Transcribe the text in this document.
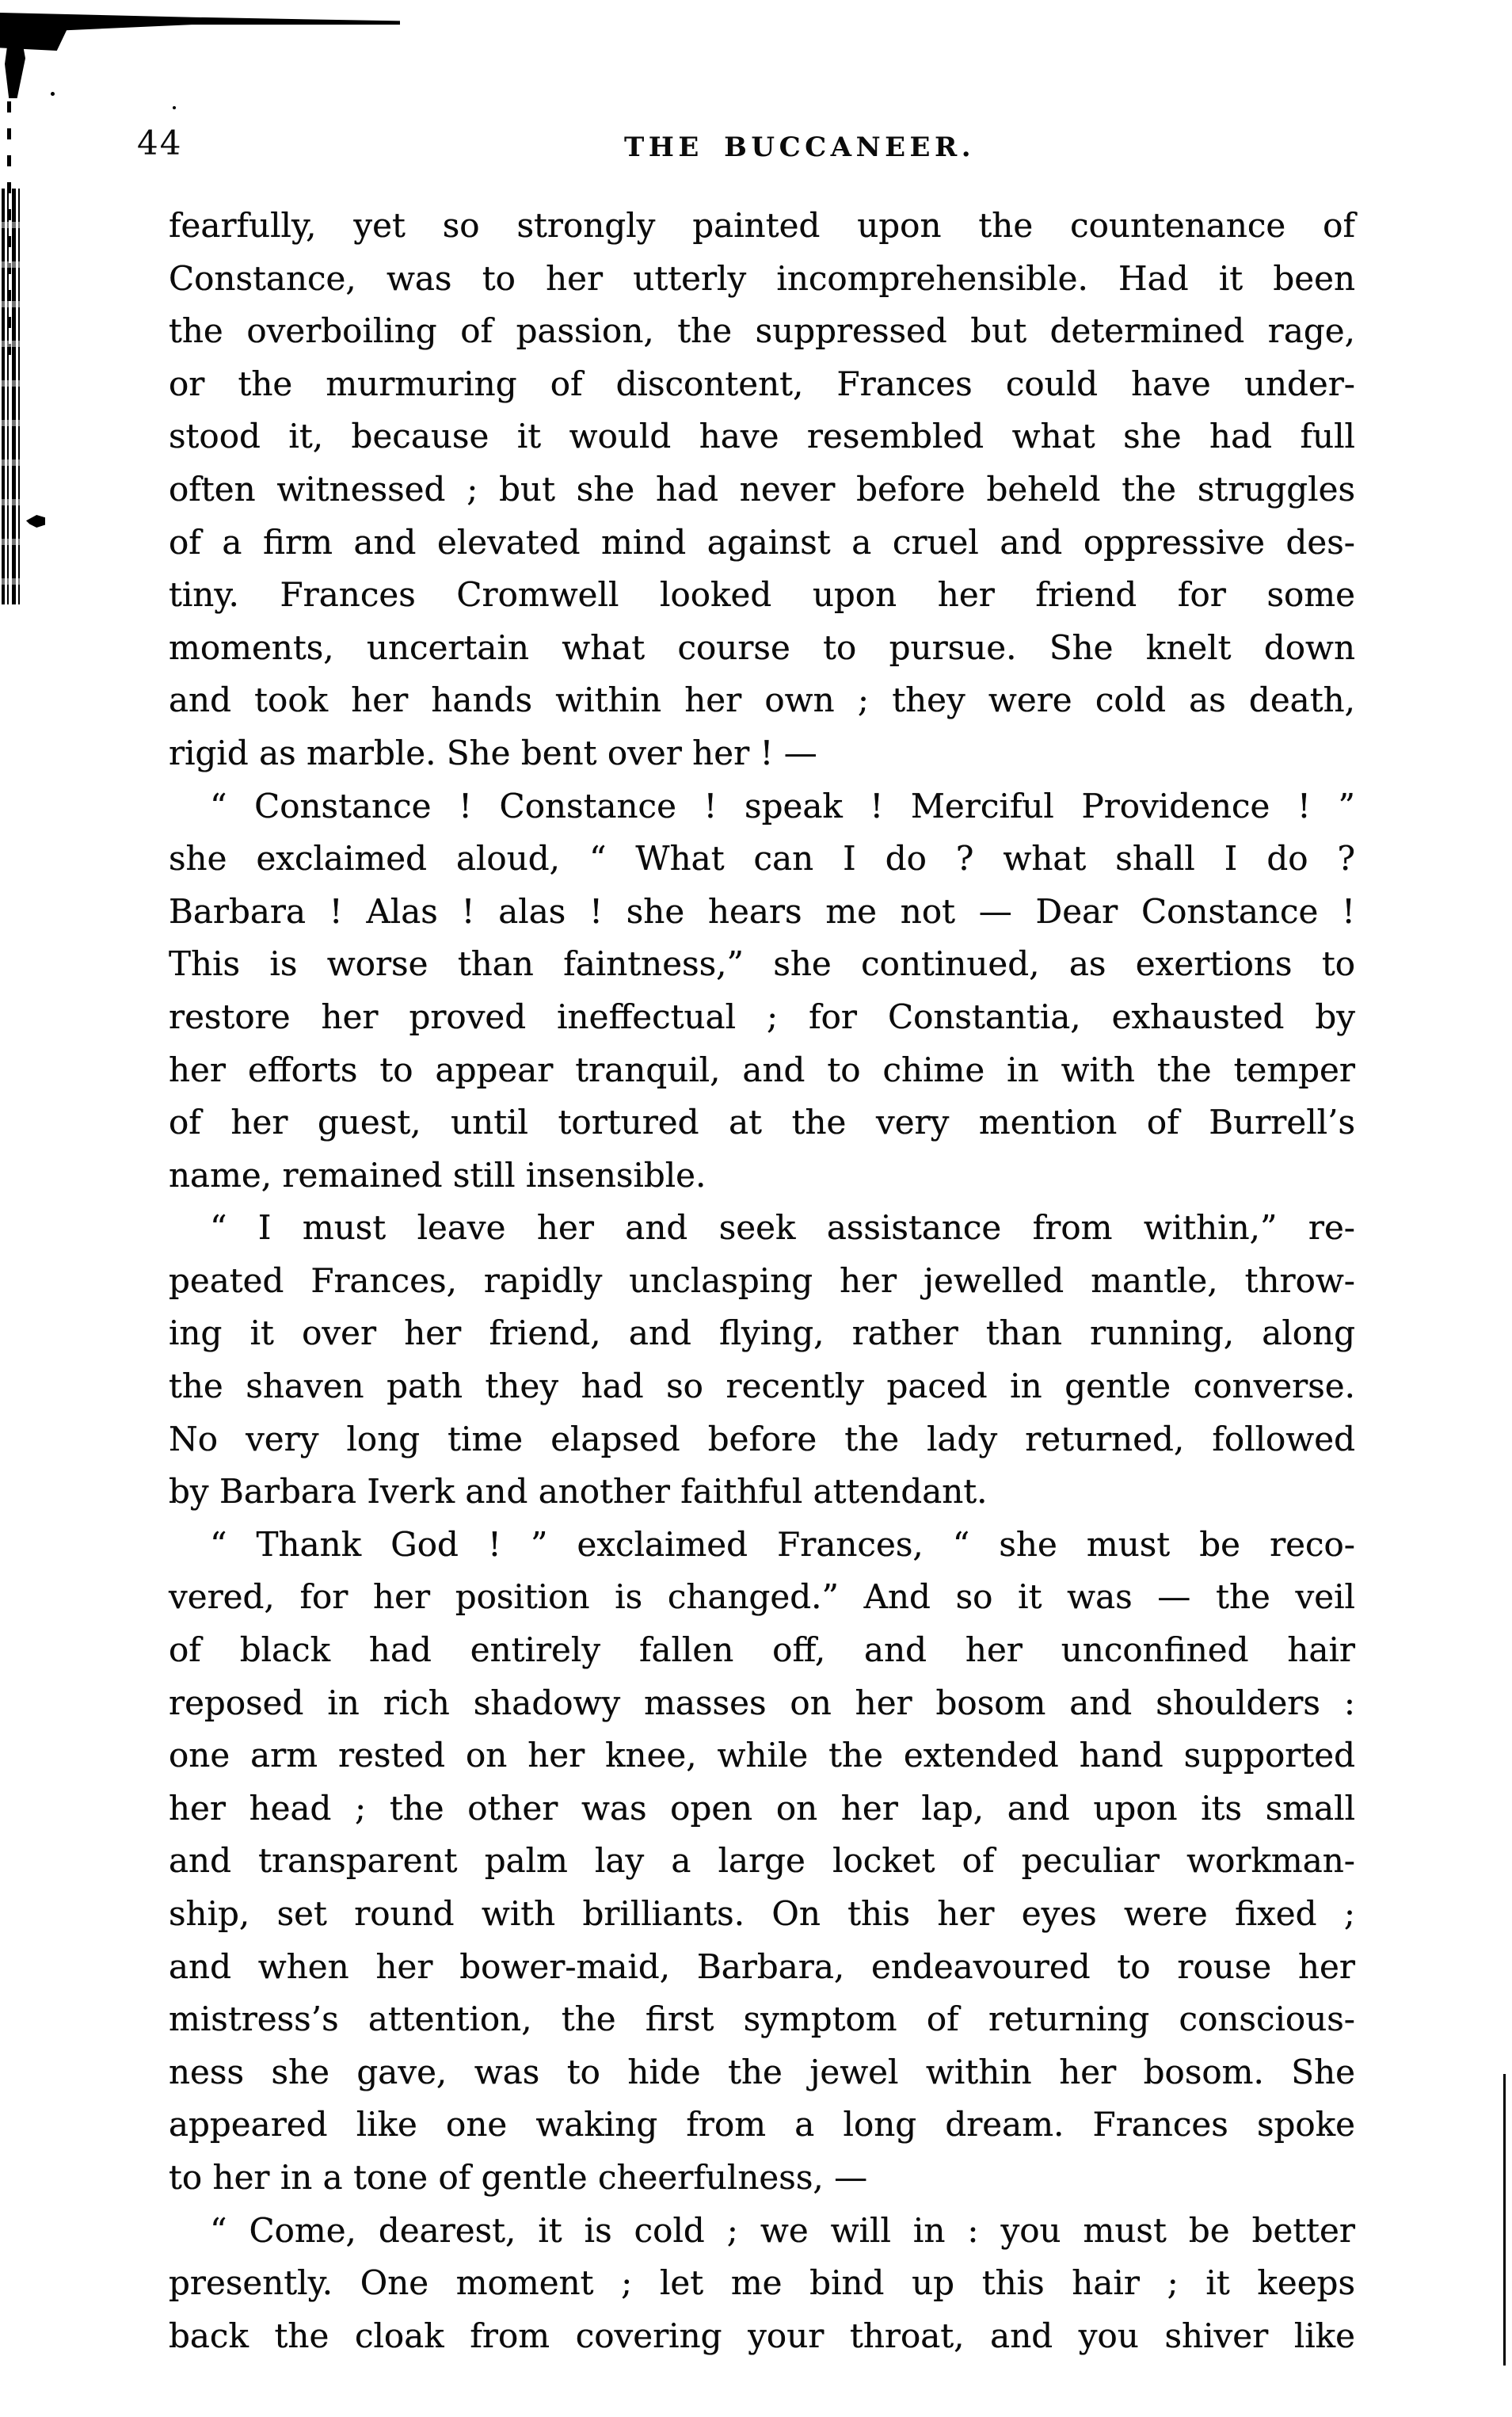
44	THE BUCCANEER.
fearfully, yet so strongly painted upon the countenance of
Constance, was to her utterly incomprehensible. Had it been
the overboiling of passion, the suppressed but determined rage,
or the murmuring of discontent, Frances could have under-
stood it, because it would have resembled what she had full
often witnessed ; but she had never before beheld the struggles
of a firm and elevated mind against a cruel and oppressive des-
tiny. Frances Cromwell looked upon her friend for some
moments, uncertain what course to pursue. She knelt down
and took her hands within her own ; they were cold as death,
rigid as marble. She bent over her ! —
“ Constance ! Constance ! speak ! Merciful Providence ! ”
she exclaimed aloud, “ What can I do ? what shall I do ?
Barbara ! Alas ! alas ! she hears me not — Dear Constance !
This is worse than faintness,” she continued, as exertions to
restore her proved ineffectual ; for Constantia, exhausted by
her efforts to appear tranquil, and to chime in with the temper
of her guest, until tortured at the very mention of Burrell’s
name, remained still insensible.
“ I must leave her and seek assistance from within,” re-
peated Frances, rapidly unclasping her jewelled mantle, throw-
ing it over her friend, and flying, rather than running, along
the shaven path they had so recently paced in gentle converse.
No very long time elapsed before the lady returned, followed
by Barbara Iverk and another faithful attendant.
“ Thank God ! ” exclaimed Frances, “ she must be reco-
vered, for her position is changed.” And so it was — the veil
of black had entirely fallen off, and her unconfined hair
reposed in rich shadowy masses on her bosom and shoulders :
one arm rested on her knee, while the extended hand supported
her head ; the other was open on her lap, and upon its small
and transparent palm lay a large locket of peculiar workman-
ship, set round with brilliants. On this her eyes were fixed ;
and when her bower-maid, Barbara, endeavoured to rouse her
mistress’s attention, the first symptom of returning conscious-
ness she gave, was to hide the jewel within her bosom. She
appeared like one waking from a long dream. Frances spoke
to her in a tone of gentle cheerfulness, —
“ Come, dearest, it is cold ; we will in : you must be better
presently. One moment ; let me bind up this hair ; it keeps
back the cloak from covering your throat, and you shiver like
